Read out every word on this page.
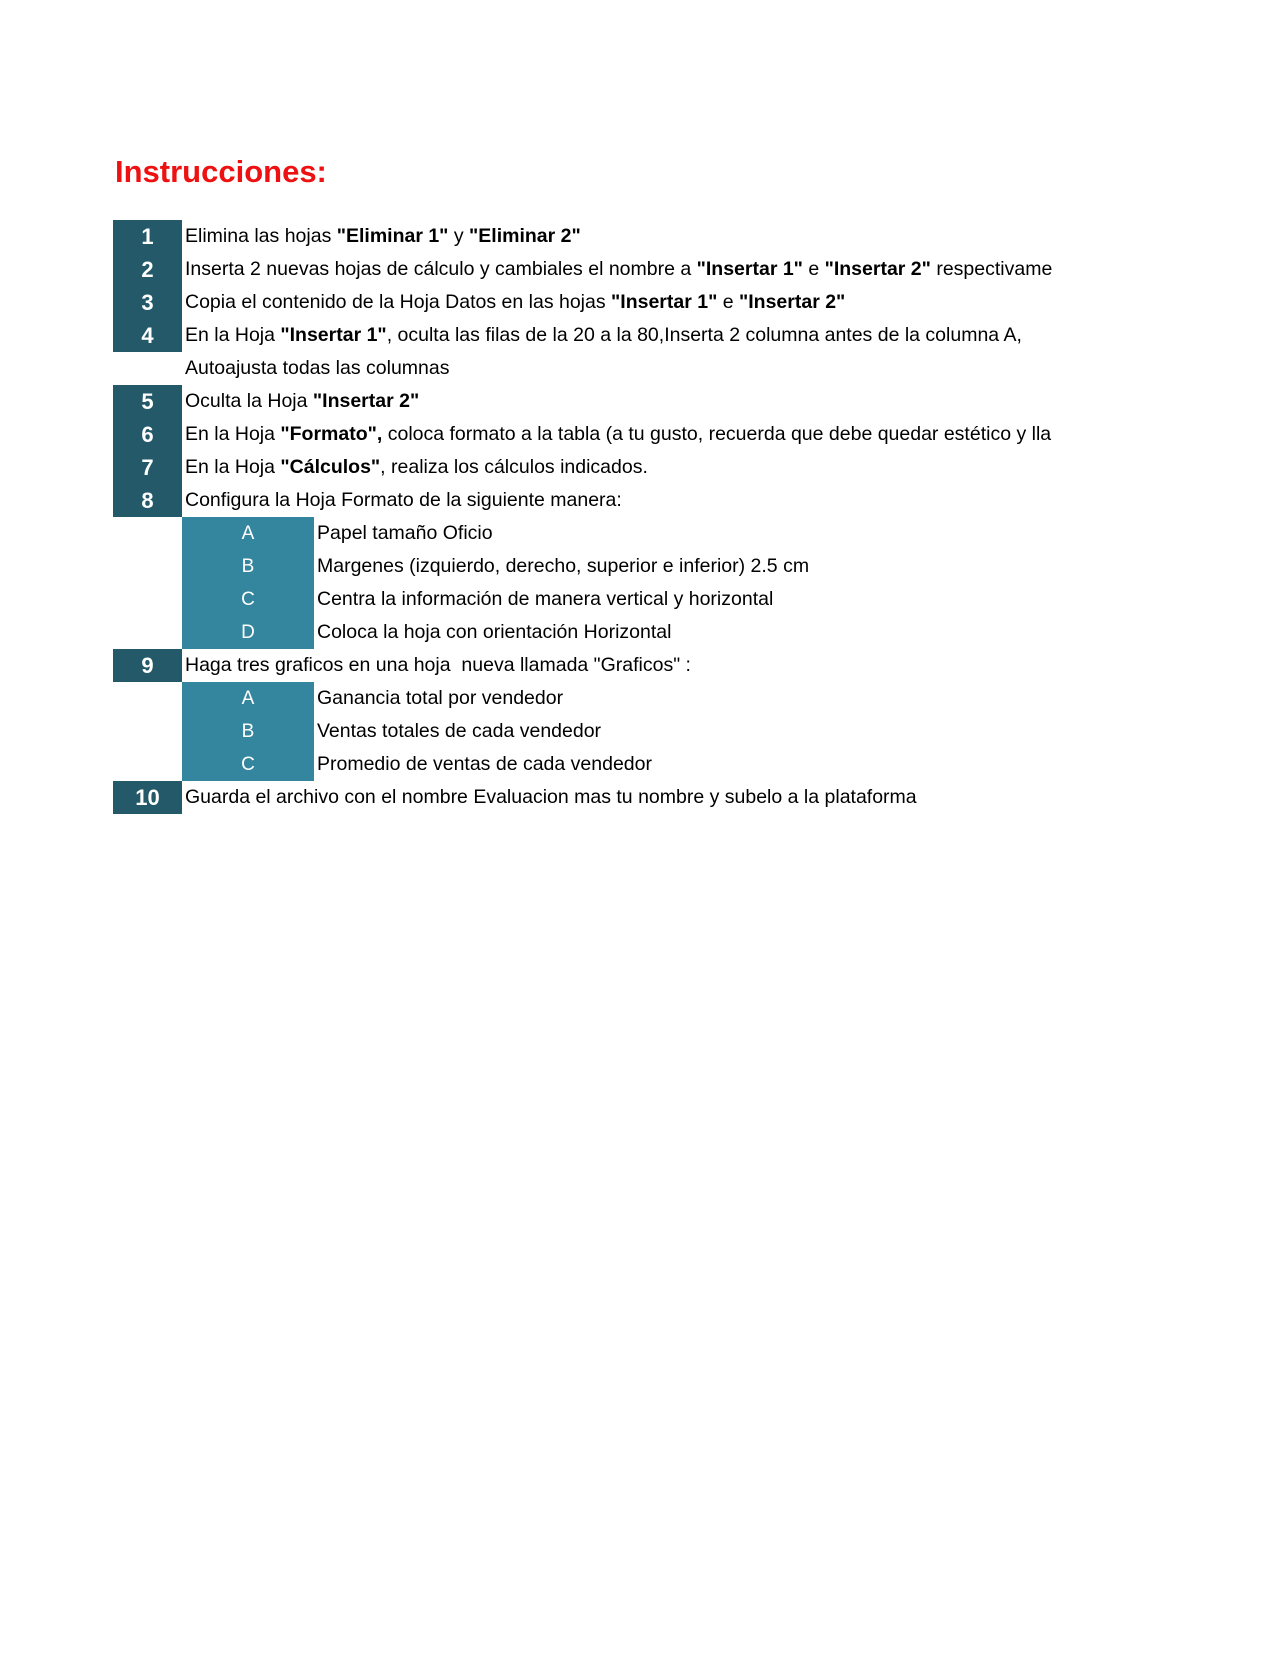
Instrucciones:
1	Elimina las hojas "Eliminar 1" y "Eliminar 2"
2	Inserta 2 nuevas hojas de cálculo y cambiales el nombre a "Insertar 1" e "Insertar 2" respectivame
3	Copia el contenido de la Hoja Datos en las hojas "Insertar 1" e "Insertar 2"
4	En la Hoja "Insertar 1", oculta las filas de la 20 a la 80,Inserta 2 columna antes de la columna A,
Autoajusta todas las columnas
5	Oculta la Hoja "Insertar 2"
6	En la Hoja "Formato", coloca formato a la tabla (a tu gusto, recuerda que debe quedar estético y lla
7	En la Hoja "Cálculos", realiza los cálculos indicados.
8	Configura la Hoja Formato de la siguiente manera:
A	Papel tamaño Oficio
B	Margenes (izquierdo, derecho, superior e inferior) 2.5 cm
C	Centra la información de manera vertical y horizontal
D	Coloca la hoja con orientación Horizontal
9	Haga tres graficos en una hoja  nueva llamada "Graficos" :
A	Ganancia total por vendedor
B	Ventas totales de cada vendedor
C	Promedio de ventas de cada vendedor
10	Guarda el archivo con el nombre Evaluacion mas tu nombre y subelo a la plataforma
